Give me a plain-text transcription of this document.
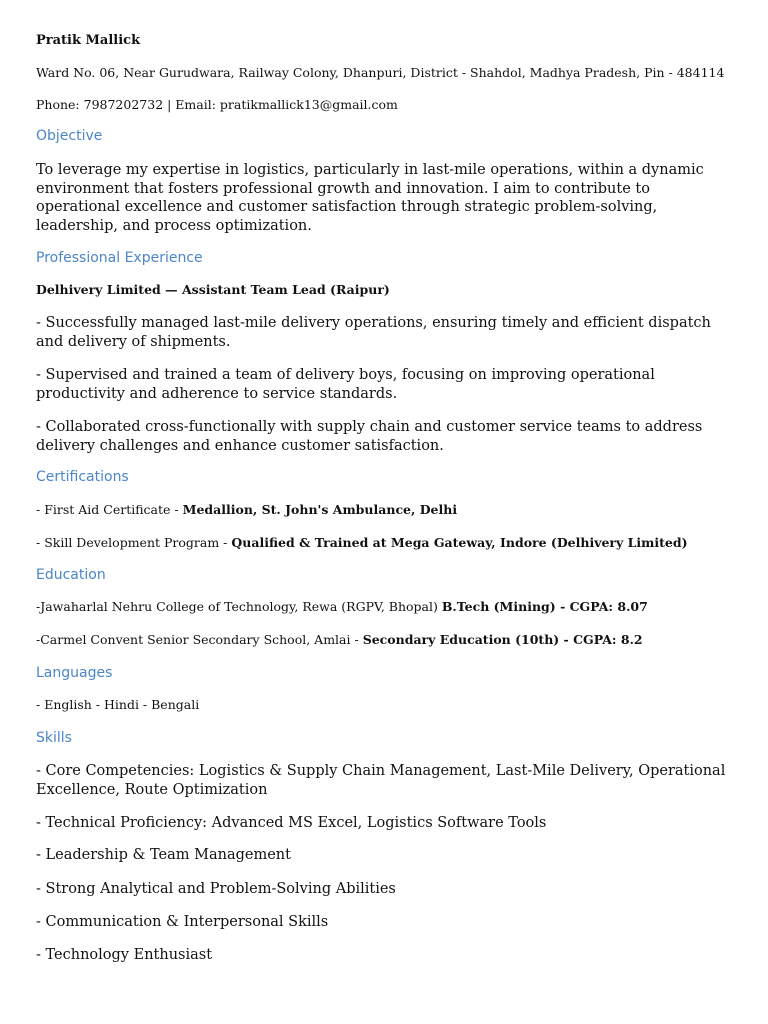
Pratik Mallick

Ward No. 06, Near Gurudwara, Railway Colony, Dhanpuri, District - Shahdol, Madhya Pradesh, Pin - 484114

Phone: 7987202732 | Email: pratikmallick13@gmail.com

Objective

To leverage my expertise in logistics, particularly in last-mile operations, within a dynamic environment that fosters professional growth and innovation. I aim to contribute to operational excellence and customer satisfaction through strategic problem-solving, leadership, and process optimization.

Professional Experience

Delhivery Limited — Assistant Team Lead (Raipur)

- Successfully managed last-mile delivery operations, ensuring timely and efficient dispatch and delivery of shipments.

- Supervised and trained a team of delivery boys, focusing on improving operational productivity and adherence to service standards.

- Collaborated cross-functionally with supply chain and customer service teams to address delivery challenges and enhance customer satisfaction.

Certifications

- First Aid Certificate - Medallion, St. John's Ambulance, Delhi

- Skill Development Program - Qualified & Trained at Mega Gateway, Indore (Delhivery Limited)

Education

-Jawaharlal Nehru College of Technology, Rewa (RGPV, Bhopal) B.Tech (Mining) - CGPA: 8.07

-Carmel Convent Senior Secondary School, Amlai - Secondary Education (10th) - CGPA: 8.2

Languages

- English - Hindi - Bengali

Skills

- Core Competencies: Logistics & Supply Chain Management, Last-Mile Delivery, Operational Excellence, Route Optimization

- Technical Proficiency: Advanced MS Excel, Logistics Software Tools

- Leadership & Team Management

- Strong Analytical and Problem-Solving Abilities

- Communication & Interpersonal Skills

- Technology Enthusiast
